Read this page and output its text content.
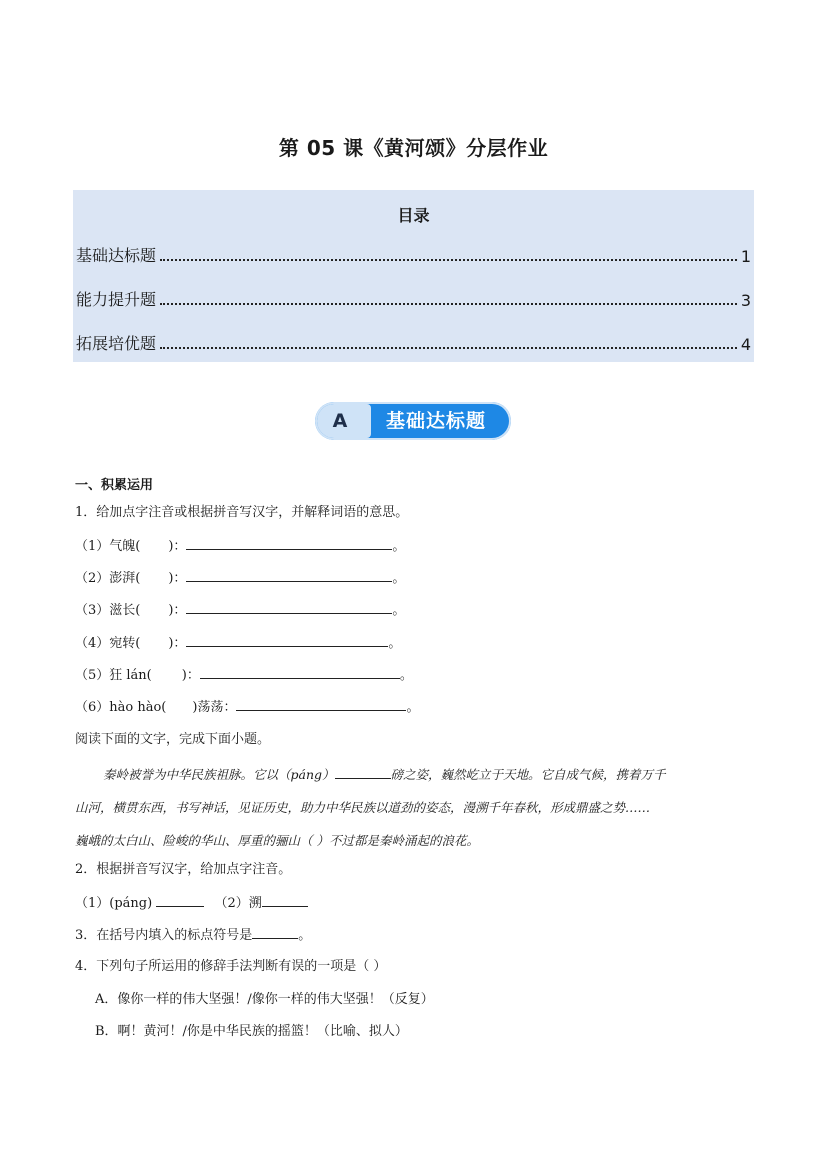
第 05 课《黄河颂》分层作业
目录
基础达标题	1
能力提升题	3
拓展培优题	4
A	基础达标题
一、积累运用
1．给加点字注音或根据拼音写汉字，并解释词语的意思。
（1）气魄( )：	。
（2）澎湃( )：	。
（3）滋长( )：	。
（4）宛转( )：	。
（5）狂 lán( )：	。
（6）hào hào( )荡荡：	。
阅读下面的文字，完成下面小题。
秦岭被誉为中华民族祖脉。它以（páng）	磅之姿，巍然屹立于天地。它自成气候，携着万千
山河，横贯东西，书写神话，见证历史，助力中华民族以道劲的姿态，漫溯千年春秋，形成鼎盛之势……
巍峨的太白山、险峻的华山、厚重的骊山（ ）不过都是秦岭涌起的浪花。
2．根据拼音写汉字，给加点字注音。
（1）(páng)	（2）溯
3．在括号内填入的标点符号是	。
4．下列句子所运用的修辞手法判断有误的一项是（ ）
A．像你一样的伟大坚强！/像你一样的伟大坚强！（反复）
B．啊！黄河！/你是中华民族的摇篮！（比喻、拟人）
